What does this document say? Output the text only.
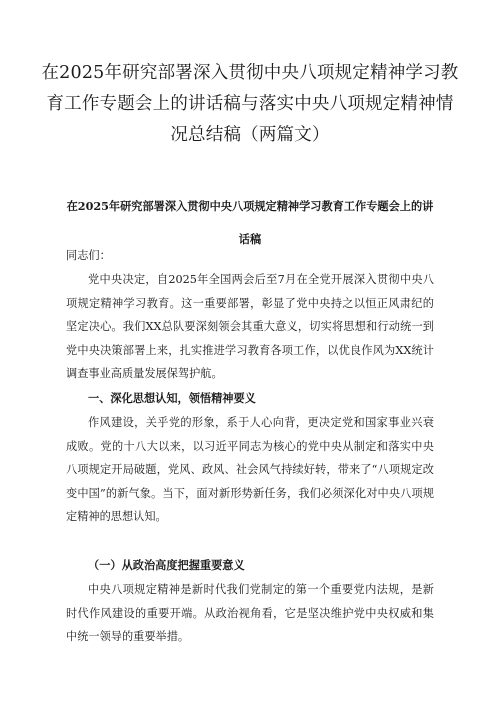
在2025年研究部署深入贯彻中央八项规定精神学习教育工作专题会上的讲话稿与落实中央八项规定精神情况总结稿（两篇文）
在2025年研究部署深入贯彻中央八项规定精神学习教育工作专题会上的讲话稿

同志们：

党中央决定，自2025年全国两会后至7月在全党开展深入贯彻中央八项规定精神学习教育。这一重要部署，彰显了党中央持之以恒正风肃纪的坚定决心。我们XX总队要深刻领会其重大意义，切实将思想和行动统一到党中央决策部署上来，扎实推进学习教育各项工作，以优良作风为XX统计调查事业高质量发展保驾护航。

一、深化思想认知，领悟精神要义

作风建设，关乎党的形象，系于人心向背，更决定党和国家事业兴衰成败。党的十八大以来，以习近平同志为核心的党中央从制定和落实中央八项规定开局破题，党风、政风、社会风气持续好转，带来了“八项规定改变中国”的新气象。当下，面对新形势新任务，我们必须深化对中央八项规定精神的思想认知。

（一）从政治高度把握重要意义

中央八项规定精神是新时代我们党制定的第一个重要党内法规，是新时代作风建设的重要开端。从政治视角看，它是坚决维护党中央权威和集中统一领导的重要举措。
